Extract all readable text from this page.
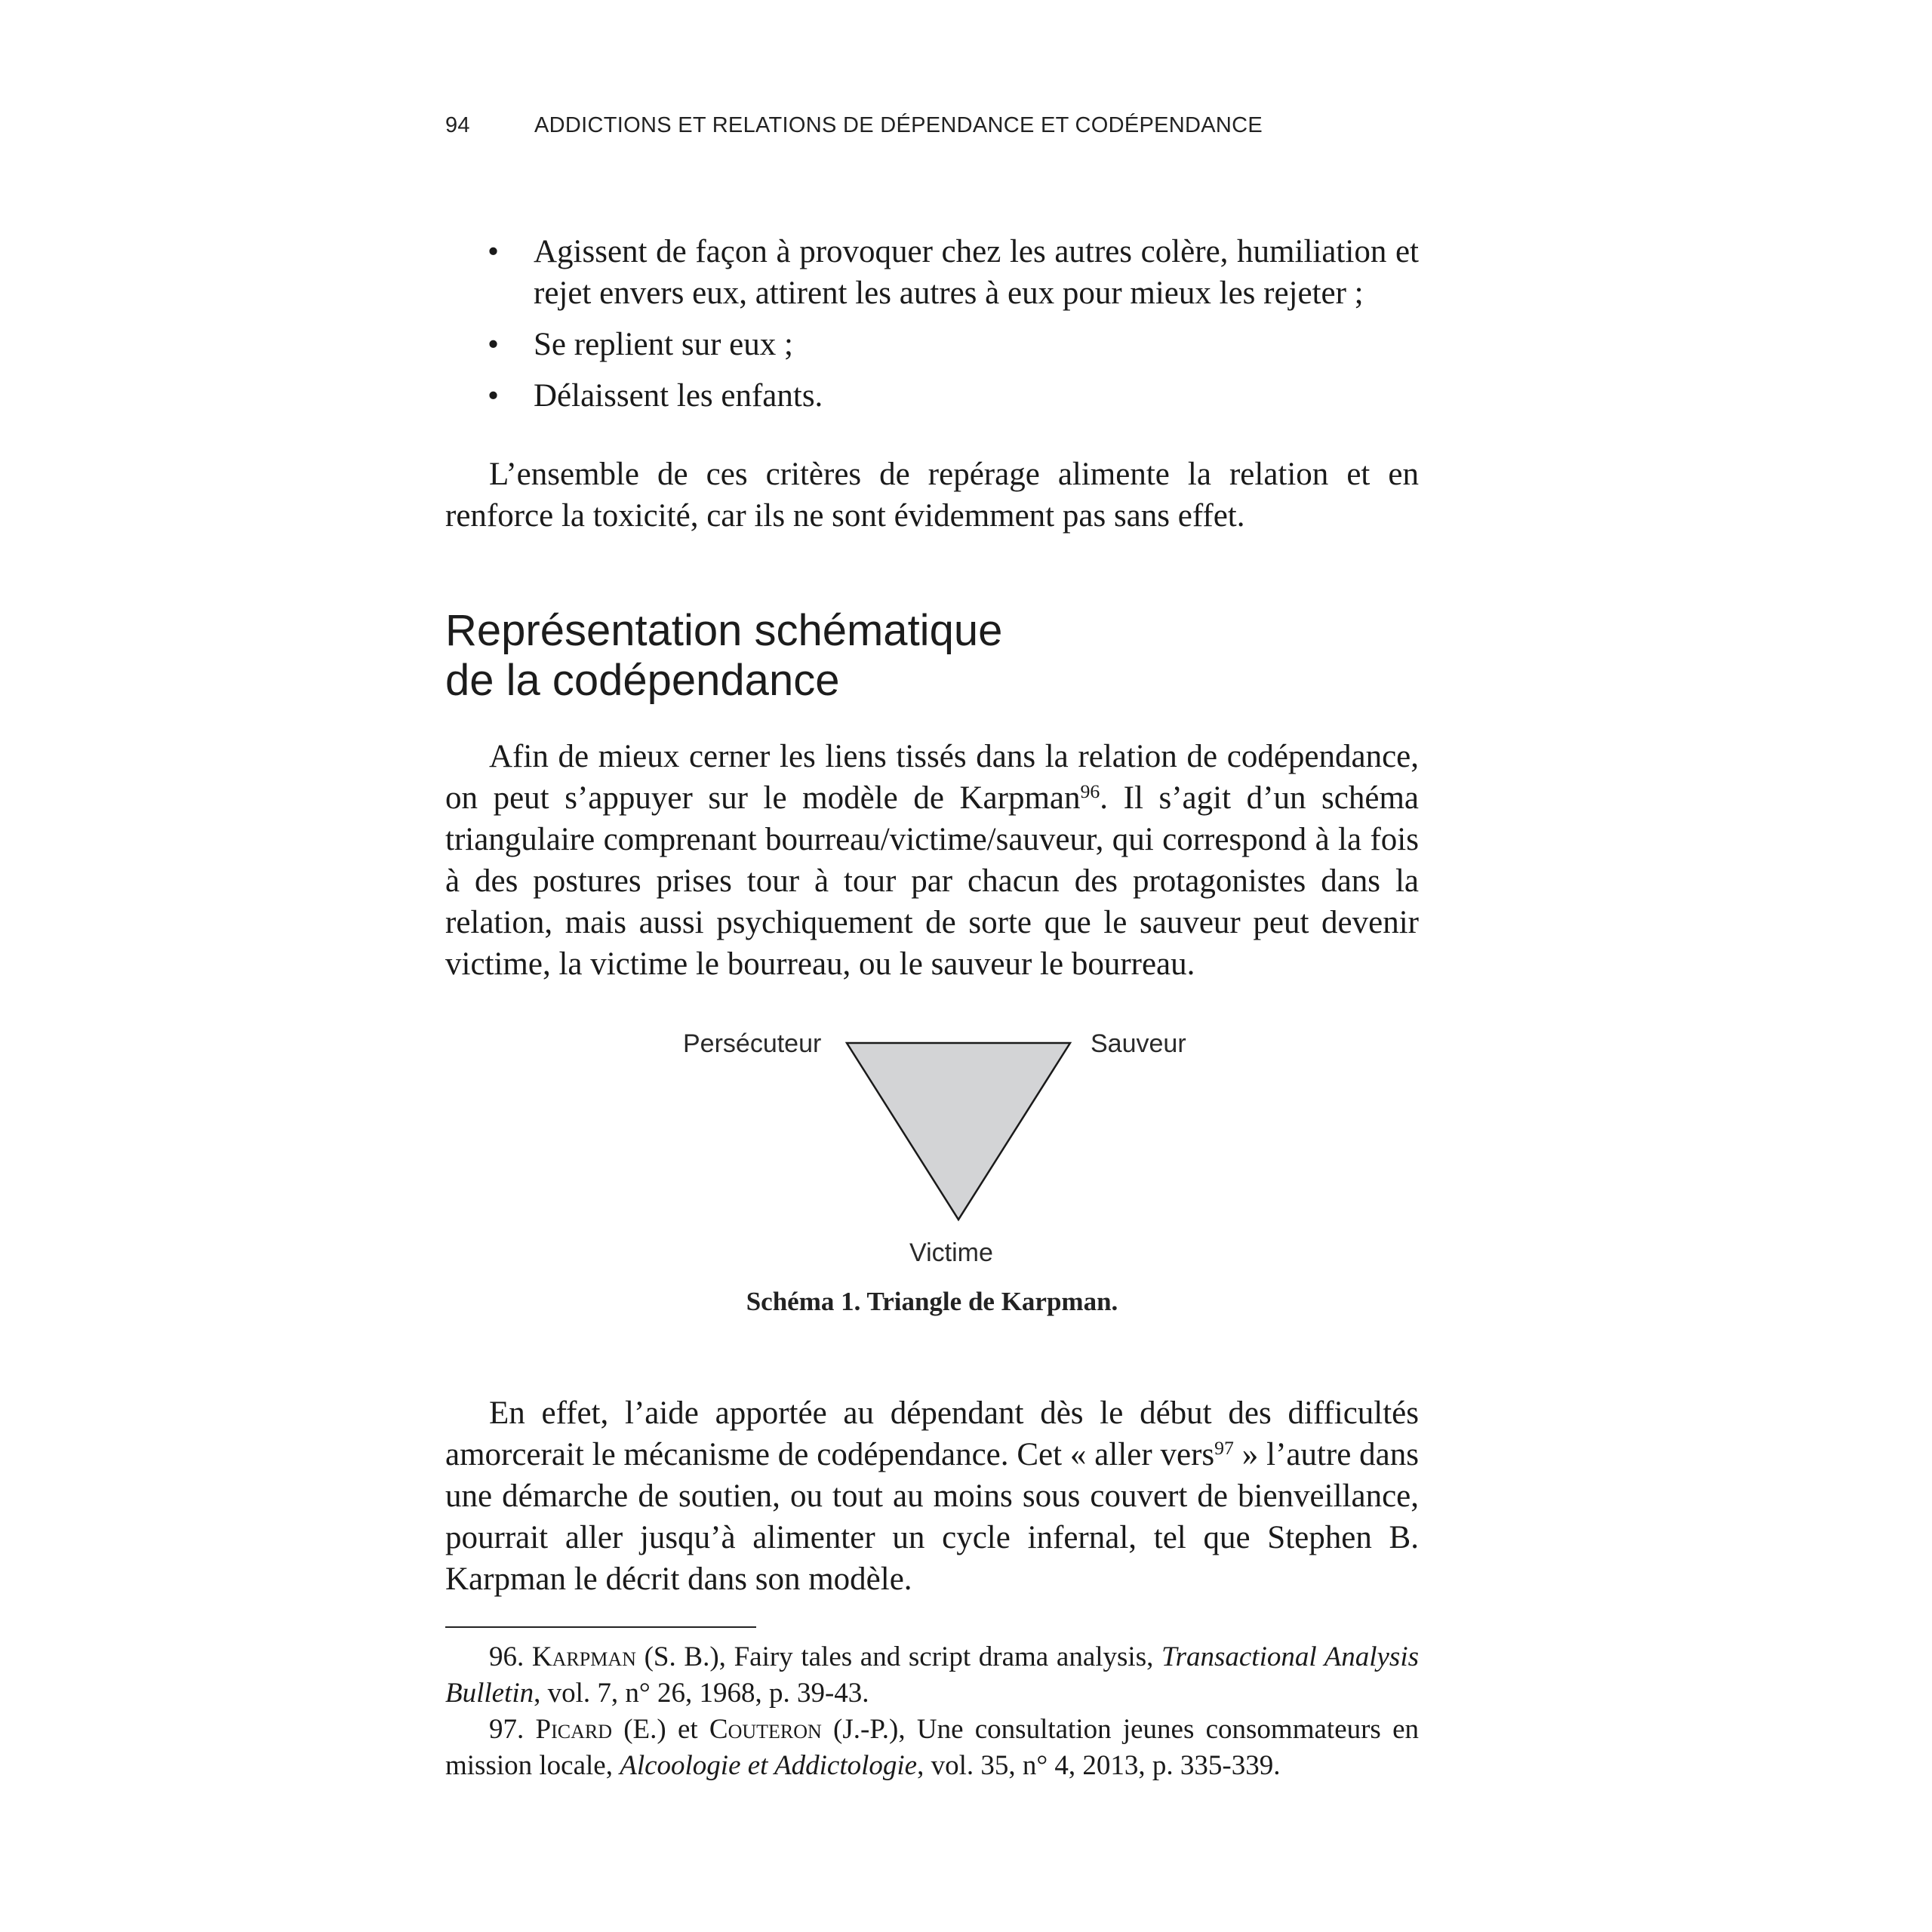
94	ADDICTIONS ET RELATIONS DE DÉPENDANCE ET CODÉPENDANCE
• Agissent de façon à provoquer chez les autres colère, humiliation et rejet envers eux, attirent les autres à eux pour mieux les rejeter ;
• Se replient sur eux ;
• Délaissent les enfants.

L’ensemble de ces critères de repérage alimente la relation et en renforce la toxicité, car ils ne sont évidemment pas sans effet.

Représentation schématique
de la codépendance

Afin de mieux cerner les liens tissés dans la relation de codépendance, on peut s’appuyer sur le modèle de Karpman$^{96}$. Il s’agit d’un schéma triangulaire comprenant bourreau/victime/sauveur, qui correspond à la fois à des postures prises tour à tour par chacun des protagonistes dans la relation, mais aussi psychiquement de sorte que le sauveur peut devenir victime, la victime le bourreau, ou le sauveur le bourreau.

Persécuteur	Sauveur
Victime

Schéma 1. Triangle de Karpman.

En effet, l’aide apportée au dépendant dès le début des difficultés amorcerait le mécanisme de codépendance. Cet « aller vers$^{97}$ » l’autre dans une démarche de soutien, ou tout au moins sous couvert de bienveillance, pourrait aller jusqu’à alimenter un cycle infernal, tel que Stephen B. Karpman le décrit dans son modèle.

96. Karpman (S. B.), Fairy tales and script drama analysis, Transactional Analysis Bulletin, vol. 7, n° 26, 1968, p. 39-43.

97. Picard (E.) et Couteron (J.-P.), Une consultation jeunes consommateurs en mission locale, Alcoologie et Addictologie, vol. 35, n° 4, 2013, p. 335-339.
